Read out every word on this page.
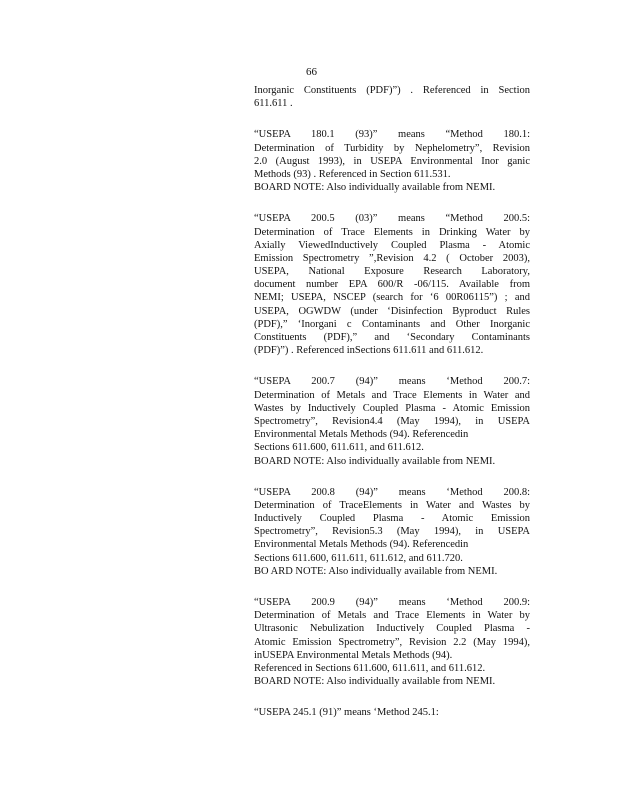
66
Inorganic Constituents (PDF)”) . Referenced in Section
611.611 .
“USEPA 180.1 (93)” means “Method 180.1:
Determination of Turbidity by Nephelometry”, Revision
2.0 (August 1993), in USEPA Environmental Inor ganic
Methods (93) . Referenced in Section 611.531.
BOARD NOTE: Also individually available from NEMI.
“USEPA 200.5 (03)” means “Method 200.5:
Determination of Trace Elements in Drinking Water by
Axially ViewedInductively Coupled Plasma - Atomic
Emission Spectrometry ”,Revision 4.2 ( October 2003),
USEPA, National Exposure Research Laboratory,
document number EPA 600/R -06/115. Available from
NEMI; USEPA, NSCEP (search for ‘6 00R06115”) ; and
USEPA, OGWDW (under ‘Disinfection Byproduct Rules
(PDF),” ‘Inorgani c Contaminants and Other Inorganic
Constituents (PDF),” and ‘Secondary Contaminants
(PDF)”) . Referenced inSections 611.611 and 611.612.
“USEPA 200.7 (94)” means ‘Method 200.7:
Determination of Metals and Trace Elements in Water and
Wastes by Inductively Coupled Plasma - Atomic Emission
Spectrometry”, Revision4.4 (May 1994), in USEPA
Environmental Metals Methods (94). Referencedin
Sections 611.600, 611.611, and 611.612.
BOARD NOTE: Also individually available from NEMI.
“USEPA 200.8 (94)” means ‘Method 200.8:
Determination of TraceElements in Water and Wastes by
Inductively Coupled Plasma - Atomic Emission
Spectrometry”, Revision5.3 (May 1994), in USEPA
Environmental Metals Methods (94). Referencedin
Sections 611.600, 611.611, 611.612, and 611.720.
BO ARD NOTE: Also individually available from NEMI.
“USEPA 200.9 (94)” means ‘Method 200.9:
Determination of Metals and Trace Elements in Water by
Ultrasonic Nebulization Inductively Coupled Plasma -
Atomic Emission Spectrometry”, Revision 2.2 (May 1994),
inUSEPA Environmental Metals Methods (94).
Referenced in Sections 611.600, 611.611, and 611.612.
BOARD NOTE: Also individually available from NEMI.
“USEPA 245.1 (91)” means ‘Method 245.1:
